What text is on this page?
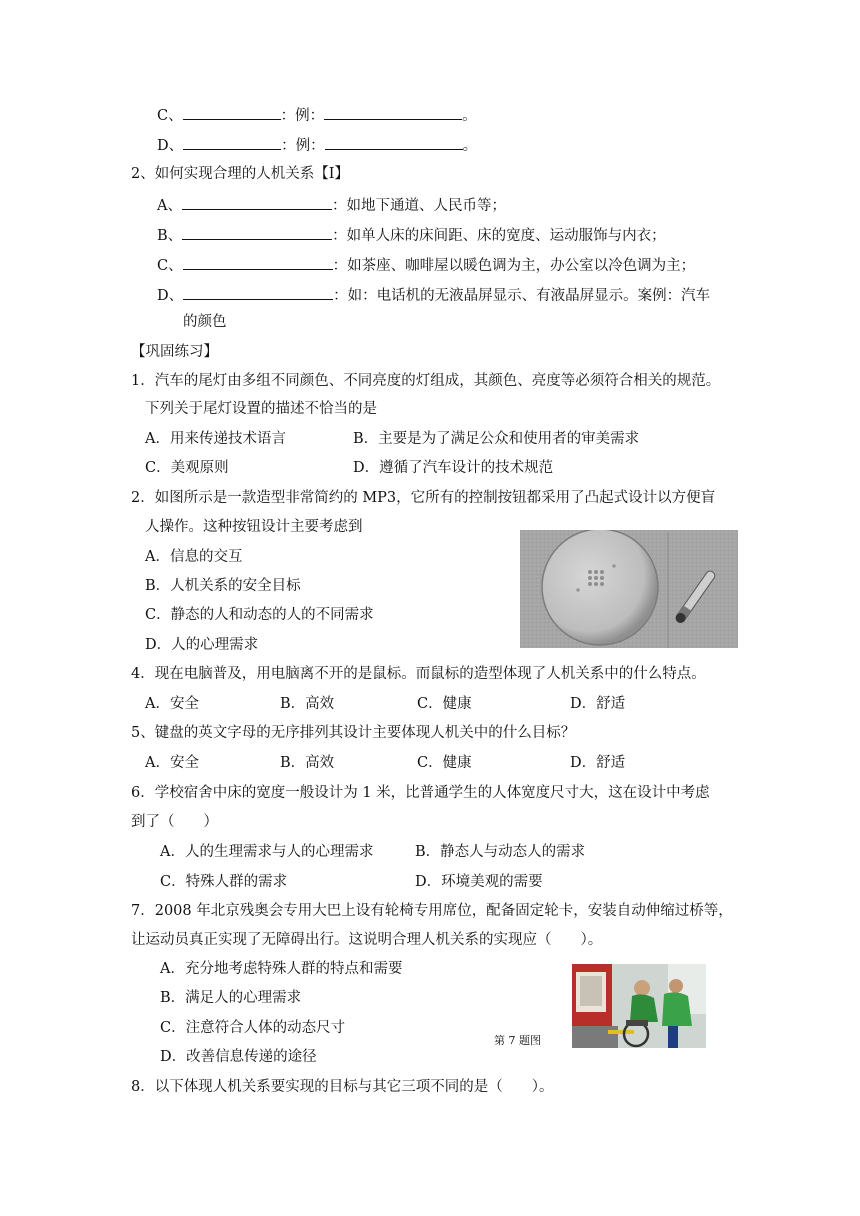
C、	：例：	。
D、	：例：	。
2、如何实现合理的人机关系【I】
A、	：如地下通道、人民币等；
B、	：如单人床的床间距、床的宽度、运动服饰与内衣；
C、	：如茶座、咖啡屋以暖色调为主，办公室以冷色调为主；
D、	：如：电话机的无液晶屏显示、有液晶屏显示。案例：汽车
的颜色
【巩固练习】
1．汽车的尾灯由多组不同颜色、不同亮度的灯组成，其颜色、亮度等必须符合相关的规范。
下列关于尾灯设置的描述不恰当的是
A．用来传递技术语言	B．主要是为了满足公众和使用者的审美需求
C．美观原则	D．遵循了汽车设计的技术规范
2．如图所示是一款造型非常简约的 MP3，它所有的控制按钮都采用了凸起式设计以方便盲
人操作。这种按钮设计主要考虑到
A．信息的交互
B．人机关系的安全目标
C．静态的人和动态的人的不同需求
D．人的心理需求
4．现在电脑普及，用电脑离不开的是鼠标。而鼠标的造型体现了人机关系中的什么特点。
A．安全	B．高效	C．健康	D．舒适
5、键盘的英文字母的无序排列其设计主要体现人机关中的什么目标？
A．安全	B．高效	C．健康	D．舒适
6．学校宿舍中床的宽度一般设计为 1 米，比普通学生的人体宽度尺寸大，这在设计中考虑
到了（　　）
A．人的生理需求与人的心理需求	B．静态人与动态人的需求
C．特殊人群的需求	D．环境美观的需要
7．2008 年北京残奥会专用大巴上设有轮椅专用席位，配备固定轮卡，安装自动伸缩过桥等，
让运动员真正实现了无障碍出行。这说明合理人机关系的实现应（　　）。
A．充分地考虑特殊人群的特点和需要
B．满足人的心理需求
C．注意符合人体的动态尺寸
D．改善信息传递的途径
第 7 题图
8．以下体现人机关系要实现的目标与其它三项不同的是（　　）。
